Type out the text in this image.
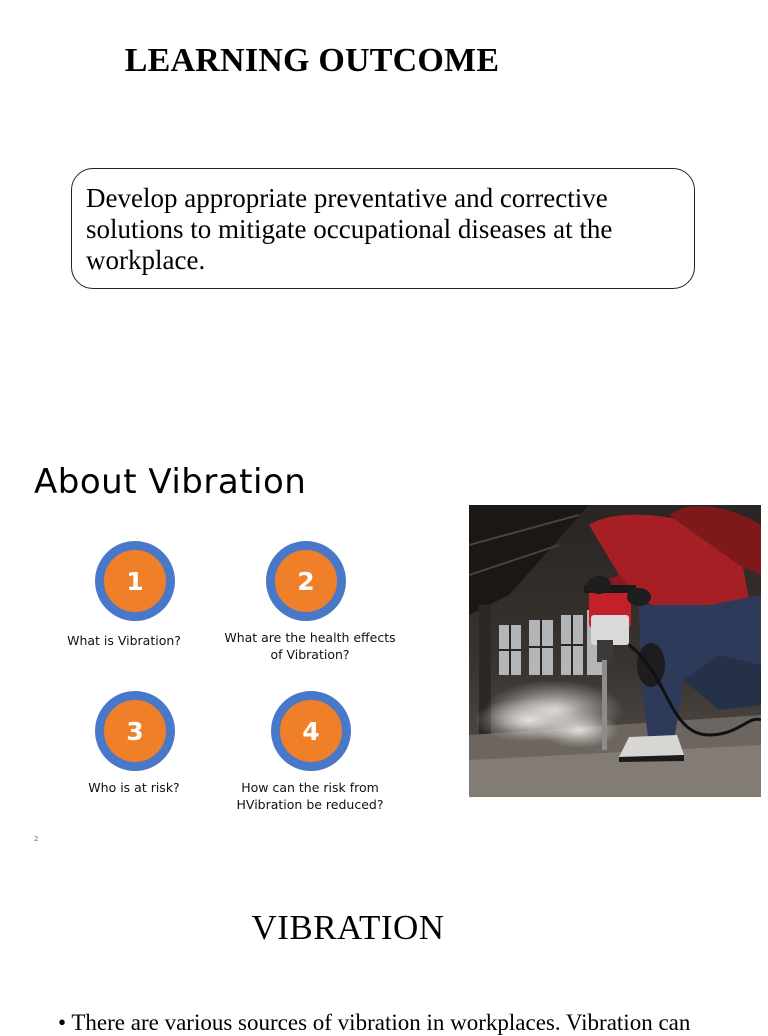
LEARNING OUTCOME
Develop appropriate preventative and corrective solutions to mitigate occupational diseases at the workplace.
About Vibration
1
What is Vibration?
2
What are the health effects
of Vibration?
3
Who is at risk?
4
How can the risk from
HVibration be reduced?
2
VIBRATION
• There are various sources of vibration in workplaces. Vibration can
